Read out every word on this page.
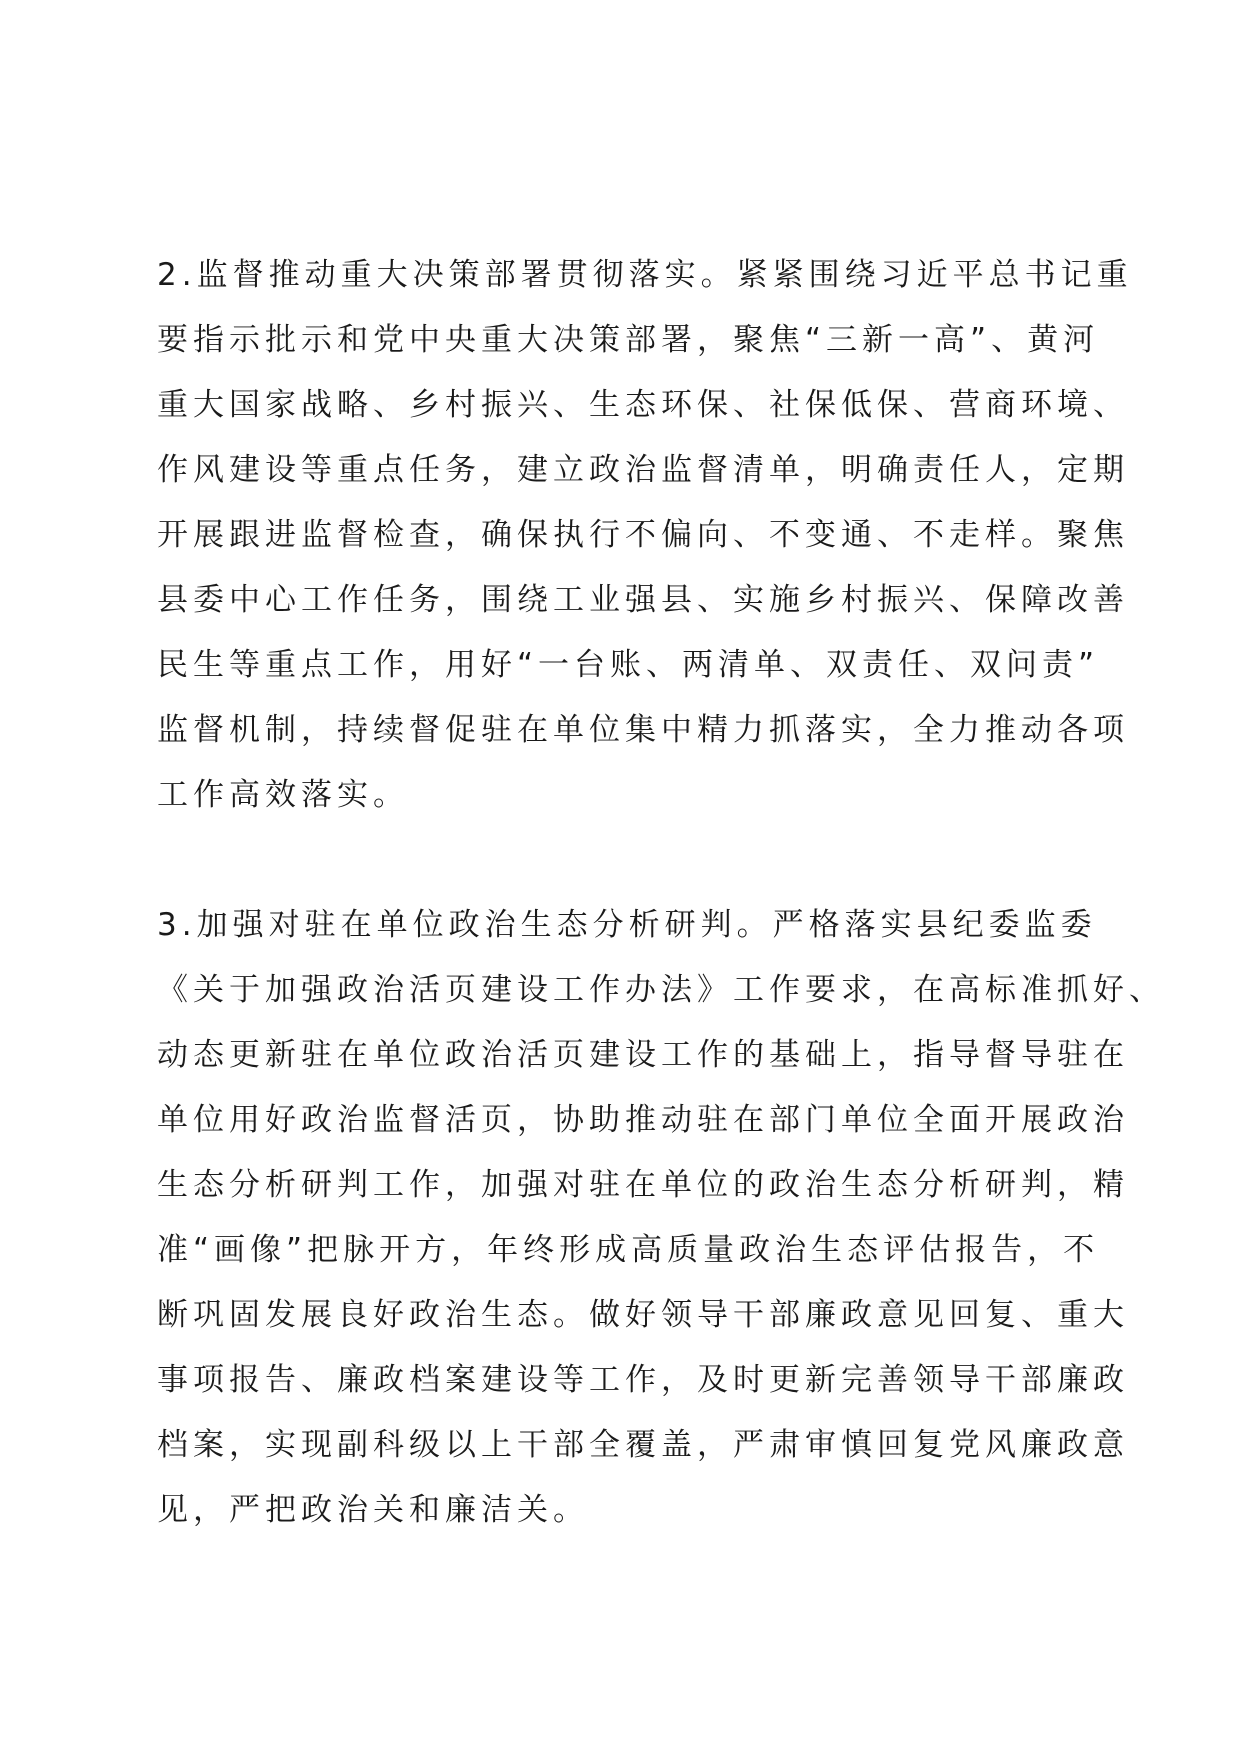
2.监督推动重大决策部署贯彻落实。紧紧围绕习近平总书记重
要指示批示和党中央重大决策部署，聚焦“三新一高”、黄河
重大国家战略、乡村振兴、生态环保、社保低保、营商环境、
作风建设等重点任务，建立政治监督清单，明确责任人，定期
开展跟进监督检查，确保执行不偏向、不变通、不走样。聚焦
县委中心工作任务，围绕工业强县、实施乡村振兴、保障改善
民生等重点工作，用好“一台账、两清单、双责任、双问责”
监督机制，持续督促驻在单位集中精力抓落实，全力推动各项
工作高效落实。
3.加强对驻在单位政治生态分析研判。严格落实县纪委监委
《关于加强政治活页建设工作办法》工作要求，在高标准抓好、
动态更新驻在单位政治活页建设工作的基础上，指导督导驻在
单位用好政治监督活页，协助推动驻在部门单位全面开展政治
生态分析研判工作，加强对驻在单位的政治生态分析研判，精
准“画像”把脉开方，年终形成高质量政治生态评估报告，不
断巩固发展良好政治生态。做好领导干部廉政意见回复、重大
事项报告、廉政档案建设等工作，及时更新完善领导干部廉政
档案，实现副科级以上干部全覆盖，严肃审慎回复党风廉政意
见，严把政治关和廉洁关。
